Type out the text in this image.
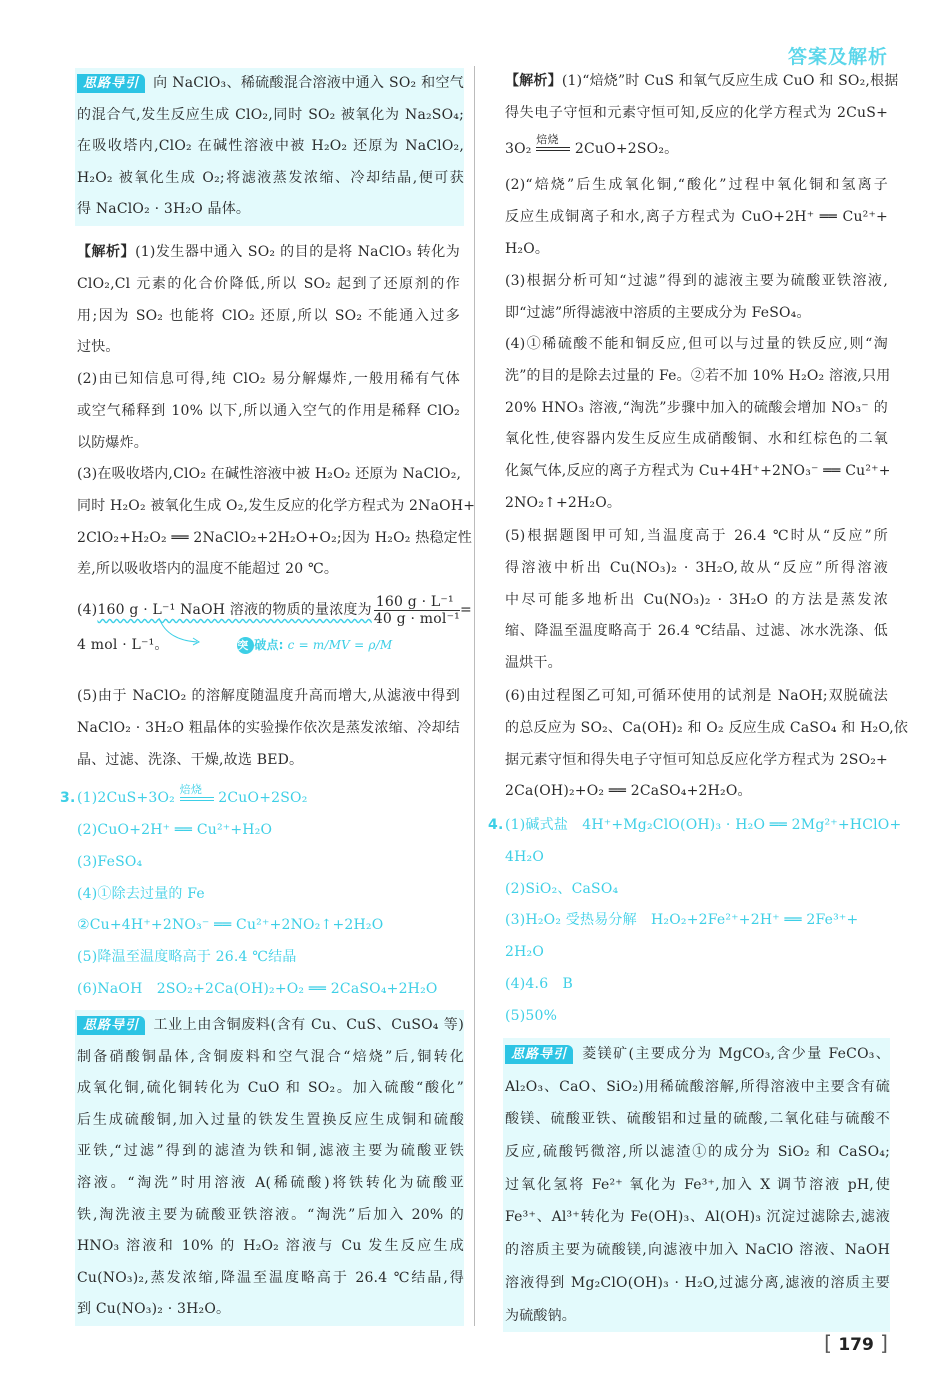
答案及解析
思路导引 向 NaClO₃、稀硫酸混合溶液中通入 SO₂ 和空气
的混合气,发生反应生成 ClO₂,同时 SO₂ 被氧化为 Na₂SO₄;
在吸收塔内,ClO₂ 在碱性溶液中被 H₂O₂ 还原为 NaClO₂,
H₂O₂ 被氧化生成 O₂;将滤液蒸发浓缩、冷却结晶,便可获
得 NaClO₂ · 3H₂O 晶体。
【解析】(1)发生器中通入 SO₂ 的目的是将 NaClO₃ 转化为
ClO₂,Cl 元素的化合价降低,所以 SO₂ 起到了还原剂的作
用;因为 SO₂ 也能将 ClO₂ 还原,所以 SO₂ 不能通入过多
过快。
(2)由已知信息可得,纯 ClO₂ 易分解爆炸,一般用稀有气体
或空气稀释到 10% 以下,所以通入空气的作用是稀释 ClO₂
以防爆炸。
(3)在吸收塔内,ClO₂ 在碱性溶液中被 H₂O₂ 还原为 NaClO₂,
同时 H₂O₂ 被氧化生成 O₂,发生反应的化学方程式为 2NaOH+
2ClO₂+H₂O₂ ══ 2NaClO₂+2H₂O+O₂;因为 H₂O₂ 热稳定性
差,所以吸收塔内的温度不能超过 20 ℃。
(4)160 g · L⁻¹ NaOH 溶液的物质的量浓度为 $\frac{\text{160 g · L⁻¹}}{\text{40 g · mol⁻¹}}$ =
4 mol · L⁻¹。	突 破点: c = m/MV = ρ/M
(5)由于 NaClO₂ 的溶解度随温度升高而增大,从滤液中得到
NaClO₂ · 3H₂O 粗晶体的实验操作依次是蒸发浓缩、冷却结
晶、过滤、洗涤、干燥,故选 BED。
3. (1)2CuS+3O₂
焙烧
2CuO+2SO₂
(2)CuO+2H⁺ ══ Cu²⁺+H₂O
(3)FeSO₄
(4)①除去过量的 Fe
②Cu+4H⁺+2NO₃⁻ ══ Cu²⁺+2NO₂↑+2H₂O
(5)降温至温度略高于 26.4 ℃结晶
(6)NaOH　2SO₂+2Ca(OH)₂+O₂ ══ 2CaSO₄+2H₂O
思路导引 工业上由含铜废料(含有 Cu、CuS、CuSO₄ 等)
制备硝酸铜晶体,含铜废料和空气混合“焙烧”后,铜转化
成氧化铜,硫化铜转化为 CuO 和 SO₂。加入硫酸“酸化”
后生成硫酸铜,加入过量的铁发生置换反应生成铜和硫酸
亚铁,“过滤”得到的滤渣为铁和铜,滤液主要为硫酸亚铁
溶液。“淘洗”时用溶液 A(稀硫酸)将铁转化为硫酸亚
铁,淘洗液主要为硫酸亚铁溶液。“淘洗”后加入 20% 的
HNO₃ 溶液和 10% 的 H₂O₂ 溶液与 Cu 发生反应生成
Cu(NO₃)₂,蒸发浓缩,降温至温度略高于 26.4 ℃结晶,得
到 Cu(NO₃)₂ · 3H₂O。
【解析】(1)“焙烧”时 CuS 和氧气反应生成 CuO 和 SO₂,根据
得失电子守恒和元素守恒可知,反应的化学方程式为 2CuS+
3O₂
焙烧
2CuO+2SO₂。
(2)“焙烧”后生成氧化铜,“酸化”过程中氧化铜和氢离子
反应生成铜离子和水,离子方程式为 CuO+2H⁺ ══ Cu²⁺+
H₂O。
(3)根据分析可知“过滤”得到的滤液主要为硫酸亚铁溶液,
即“过滤”所得滤液中溶质的主要成分为 FeSO₄。
(4)①稀硫酸不能和铜反应,但可以与过量的铁反应,则“淘
洗”的目的是除去过量的 Fe。②若不加 10% H₂O₂ 溶液,只用
20% HNO₃ 溶液,“淘洗”步骤中加入的硫酸会增加 NO₃⁻ 的
氧化性,使容器内发生反应生成硝酸铜、水和红棕色的二氧
化氮气体,反应的离子方程式为 Cu+4H⁺+2NO₃⁻ ══ Cu²⁺+
2NO₂↑+2H₂O。
(5)根据题图甲可知,当温度高于 26.4 ℃时从“反应”所
得溶液中析出 Cu(NO₃)₂ · 3H₂O,故从“反应”所得溶液
中尽可能多地析出 Cu(NO₃)₂ · 3H₂O 的方法是蒸发浓
缩、降温至温度略高于 26.4 ℃结晶、过滤、冰水洗涤、低
温烘干。
(6)由过程图乙可知,可循环使用的试剂是 NaOH;双脱硫法
的总反应为 SO₂、Ca(OH)₂ 和 O₂ 反应生成 CaSO₄ 和 H₂O,依
据元素守恒和得失电子守恒可知总反应化学方程式为 2SO₂+
2Ca(OH)₂+O₂ ══ 2CaSO₄+2H₂O。
4. (1)碱式盐　4H⁺+Mg₂ClO(OH)₃ · H₂O ══ 2Mg²⁺+HClO+
4H₂O
(2)SiO₂、CaSO₄
(3)H₂O₂ 受热易分解　H₂O₂+2Fe²⁺+2H⁺ ══ 2Fe³⁺+
2H₂O
(4)4.6　B
(5)50%
思路导引 菱镁矿(主要成分为 MgCO₃,含少量 FeCO₃、
Al₂O₃、CaO、SiO₂)用稀硫酸溶解,所得溶液中主要含有硫
酸镁、硫酸亚铁、硫酸铝和过量的硫酸,二氧化硅与硫酸不
反应,硫酸钙微溶,所以滤渣①的成分为 SiO₂ 和 CaSO₄;
过氧化氢将 Fe²⁺ 氧化为 Fe³⁺,加入 X 调节溶液 pH,使
Fe³⁺、Al³⁺转化为 Fe(OH)₃、Al(OH)₃ 沉淀过滤除去,滤液
的溶质主要为硫酸镁,向滤液中加入 NaClO 溶液、NaOH
溶液得到 Mg₂ClO(OH)₃ · H₂O,过滤分离,滤液的溶质主要
为硫酸钠。
[ 179 ]
